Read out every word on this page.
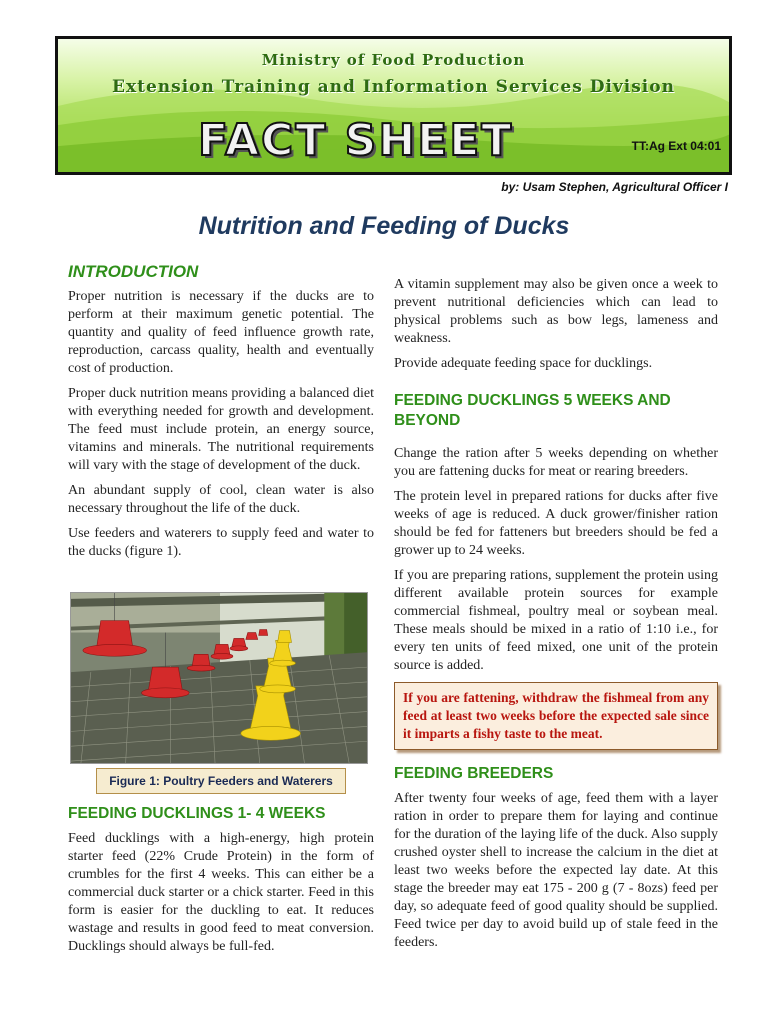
Ministry of Food Production
Extension Training and Information Services Division
FACT SHEET	TT:Ag Ext 04:01
by: Usam Stephen, Agricultural Officer I
Nutrition and Feeding of Ducks
INTRODUCTION

Proper nutrition is necessary if the ducks are to perform at their maximum genetic potential. The quantity and quality of feed influence growth rate, reproduction, carcass quality, health and eventually cost of production.

Proper duck nutrition means providing a balanced diet with everything needed for growth and development. The feed must include protein, an energy source, vitamins and minerals. The nutritional requirements will vary with the stage of development of the duck.

An abundant supply of cool, clean water is also necessary throughout the life of the duck.

Use feeders and waterers to supply feed and water to the ducks (figure 1).

Figure 1: Poultry Feeders and Waterers
FEEDING DUCKLINGS 1- 4 WEEKS

Feed ducklings with a high-energy, high protein starter feed (22% Crude Protein) in the form of crumbles for the first 4 weeks. This can either be a commercial duck starter or a chick starter. Feed in this form is easier for the duckling to eat. It reduces wastage and results in good feed to meat conversion. Ducklings should always be full-fed.

A vitamin supplement may also be given once a week to prevent nutritional deficiencies which can lead to physical problems such as bow legs, lameness and weakness.

Provide adequate feeding space for ducklings.

FEEDING DUCKLINGS 5 WEEKS AND BEYOND

Change the ration after 5 weeks depending on whether you are fattening ducks for meat or rearing breeders.

The protein level in prepared rations for ducks after five weeks of age is reduced. A duck grower/finisher ration should be fed for fatteners but breeders should be fed a grower up to 24 weeks.

If you are preparing rations, supplement the protein using different available protein sources for example commercial fishmeal, poultry meal or soybean meal. These meals should be mixed in a ratio of 1:10 i.e., for every ten units of feed mixed, one unit of the protein source is added.

If you are fattening, withdraw the fishmeal from any feed at least two weeks before the expected sale since it imparts a fishy taste to the meat.

FEEDING BREEDERS

After twenty four weeks of age, feed them with a layer ration in order to prepare them for laying and continue for the duration of the laying life of the duck. Also supply crushed oyster shell to increase the calcium in the diet at least two weeks before the expected lay date. At this stage the breeder may eat 175 - 200 g (7 - 8ozs) feed per day, so adequate feed of good quality should be supplied. Feed twice per day to avoid build up of stale feed in the feeders.
